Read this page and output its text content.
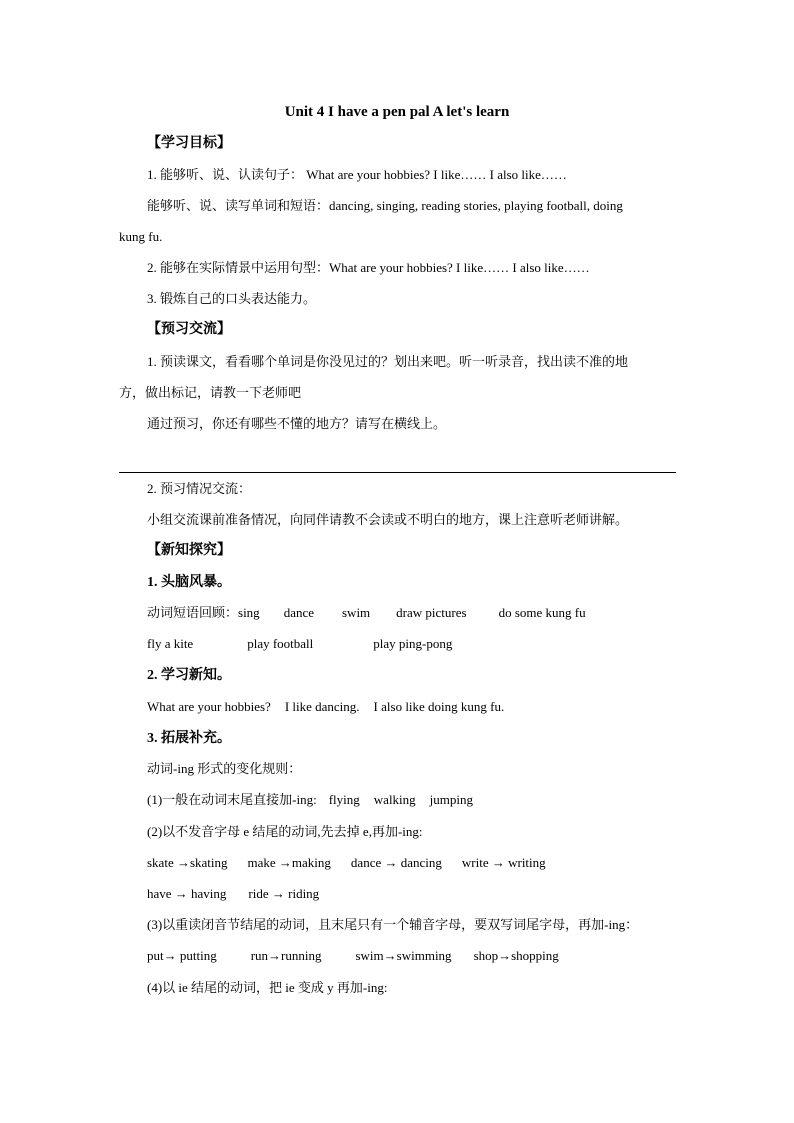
Unit 4 I have a pen pal A let's learn
【学习目标】
1. 能够听、说、认读句子： What are your hobbies? I like…… I also like……
能够听、说、读写单词和短语：dancing, singing, reading stories, playing football, doing
kung fu.
2. 能够在实际情景中运用句型：What are your hobbies? I like…… I also like……
3. 锻炼自己的口头表达能力。
【预习交流】
1. 预读课文，看看哪个单词是你没见过的？划出来吧。听一听录音，找出读不准的地
方，做出标记，请教一下老师吧
通过预习，你还有哪些不懂的地方？请写在横线上。
2. 预习情况交流：
小组交流课前准备情况，向同伴请教不会读或不明白的地方，课上注意听老师讲解。
【新知探究】
1. 头脑风暴。
动词短语回顾：sing dance swim draw pictures do some kung fu
fly a kite	play football	play ping-pong
2. 学习新知。
What are your hobbies? I like dancing. I also like doing kung fu.
3. 拓展补充。
动词-ing 形式的变化规则：
(1)一般在动词末尾直接加-ing: flying walking jumping
(2)以不发音字母 e 结尾的动词,先去掉 e,再加-ing:
skate →skating make →making dance → dancing write → writing
have → having ride → riding
(3)以重读闭音节结尾的动词，且末尾只有一个辅音字母，要双写词尾字母，再加-ing：
put→ putting	run→running	swim→swimming shop→shopping
(4)以 ie 结尾的动词，把 ie 变成 y 再加-ing:
